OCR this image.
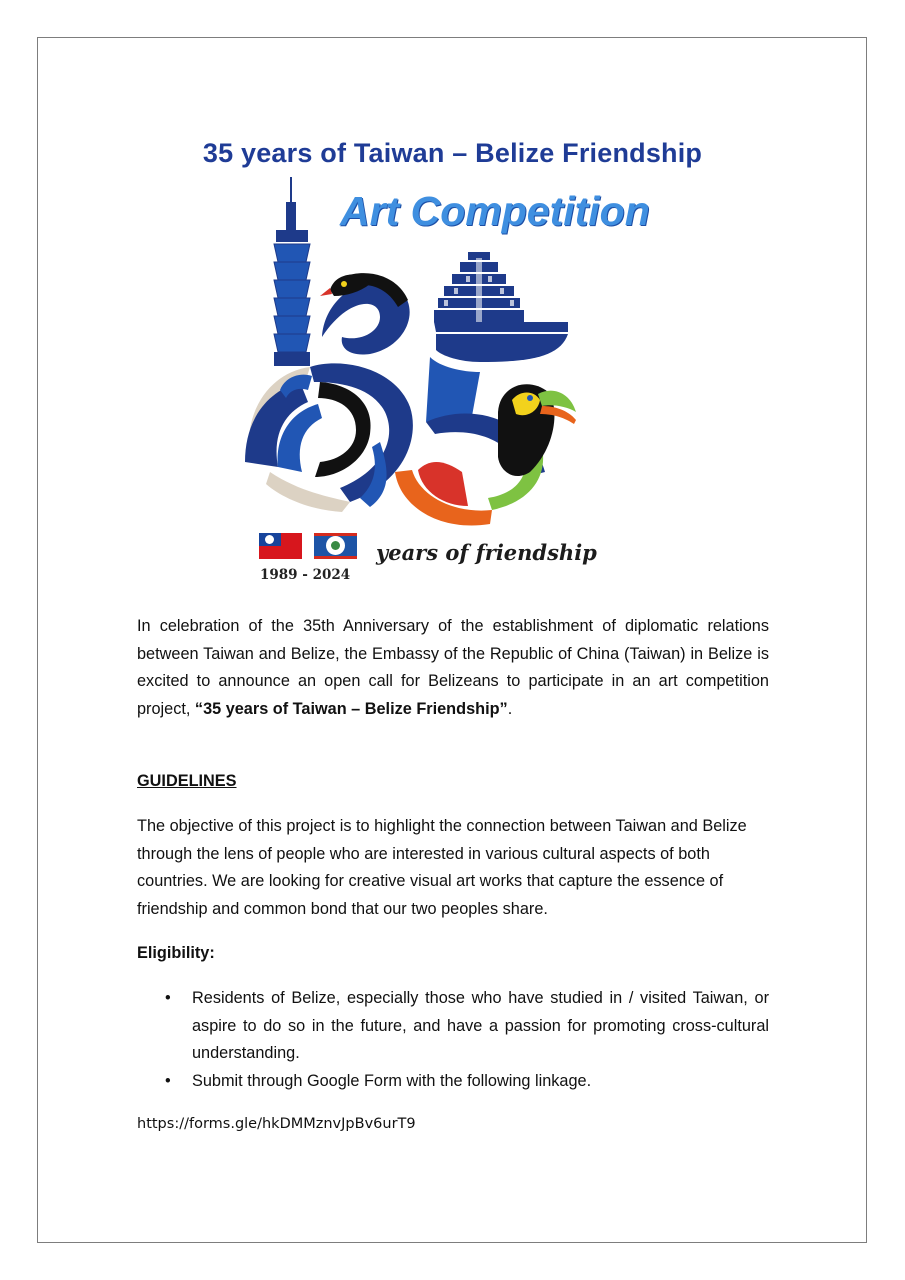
35 years of Taiwan – Belize Friendship
Art Competition
1989 - 2024
years of friendship
In celebration of the 35th Anniversary of the establishment of diplomatic relations between Taiwan and Belize, the Embassy of the Republic of China (Taiwan) in Belize is excited to announce an open call for Belizeans to participate in an art competition project, “35 years of Taiwan – Belize Friendship”.
GUIDELINES
The objective of this project is to highlight the connection between Taiwan and Belize through the lens of people who are interested in various cultural aspects of both countries. We are looking for creative visual art works that capture the essence of friendship and common bond that our two peoples share.
Eligibility:
• Residents of Belize, especially those who have studied in / visited Taiwan, or aspire to do so in the future, and have a passion for promoting cross-cultural understanding.
• Submit through Google Form with the following linkage.
https://forms.gle/hkDMMznvJpBv6urT9
